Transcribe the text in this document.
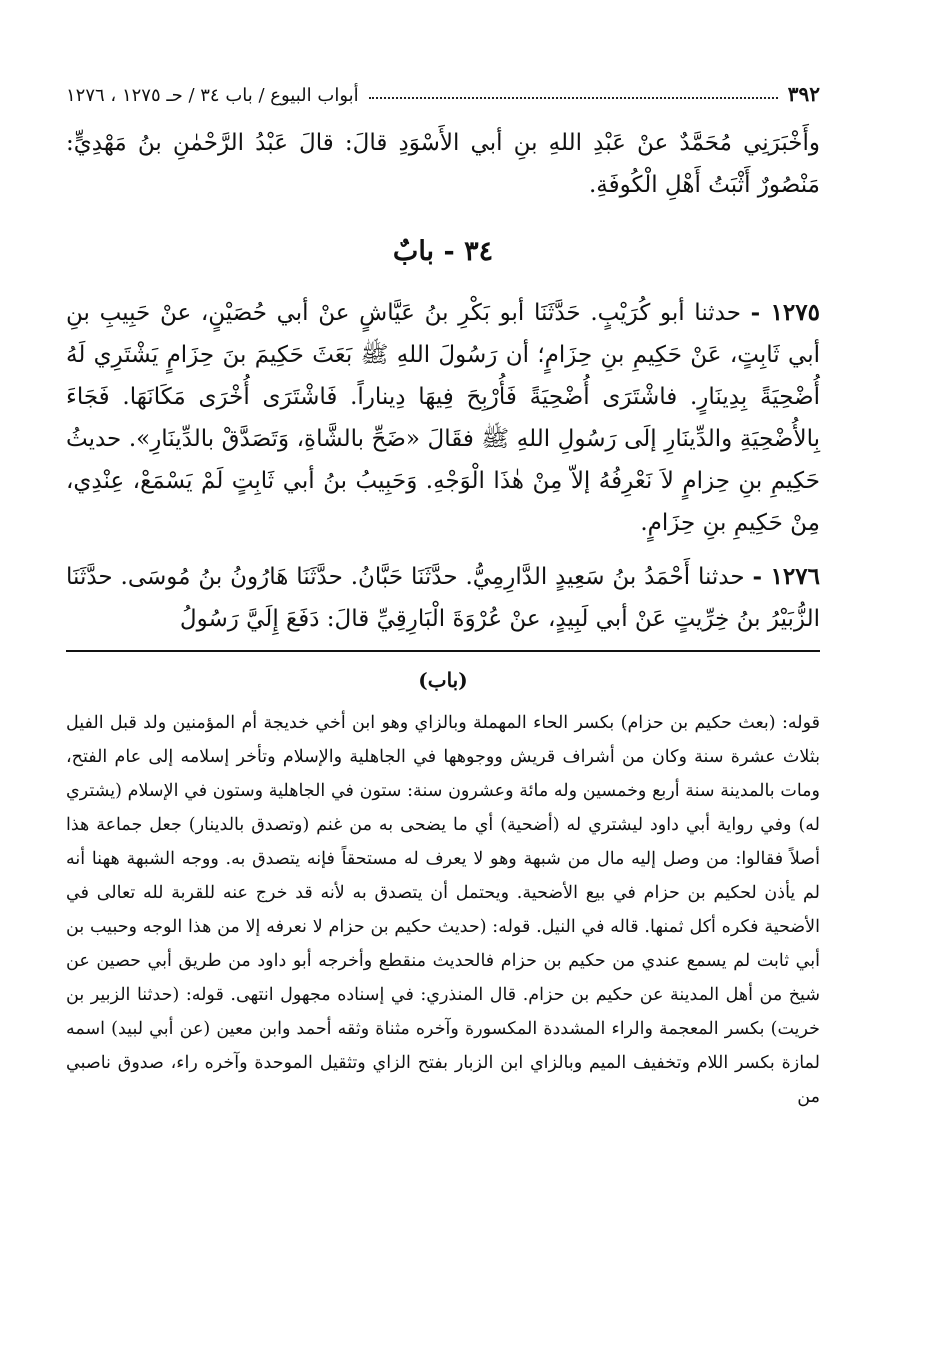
٣٩٢
أبواب البيوع / باب ٣٤ / حـ ١٢٧٥ ، ١٢٧٦

وأَخْبَرَنِي مُحَمَّدٌ عنْ عَبْدِ اللهِ بنِ أبي الأَسْوَدِ قالَ: قالَ عَبْدُ الرَّحْمٰنِ بنُ مَهْدِيٍّ: مَنْصُورٌ أَثْبَتُ أَهْلِ الْكُوفَةِ.

٣٤ - بابٌ

١٢٧٥ - حدثنا أبو كُرَيْبٍ. حَدَّثَنَا أبو بَكْرِ بنُ عَيَّاشٍ عنْ أبي حُصَيْنٍ، عنْ حَبِيبِ بنِ أبي ثَابِتٍ، عَنْ حَكِيمِ بنِ حِزَامٍ؛ أن رَسُولَ اللهِ ﷺ بَعَثَ حَكِيمَ بنَ حِزَامٍ يَشْتَرِي لَهُ أُضْحِيَةً بِدِينَارٍ. فاشْتَرَى أُضْحِيَةً فَأُرْبِحَ فِيهَا دِيناراً. فَاشْتَرَى أُخْرَى مَكَانَهَا. فَجَاءَ بِالأُضْحِيَةِ والدِّينَارِ إلَى رَسُولِ اللهِ ﷺ فقَالَ «ضَحِّ بالشَّاةِ، وَتَصَدَّقْ بالدِّينَارِ». حديثُ حَكِيمِ بنِ حِزامٍ لاَ نَعْرِفُهُ إلاّ مِنْ هٰذَا الْوَجْهِ. وَحَبِيبُ بنُ أبي ثَابِتٍ لَمْ يَسْمَعْ، عِنْدِي، مِنْ حَكِيمِ بنِ حِزَامٍ.

١٢٧٦ - حدثنا أَحْمَدُ بنُ سَعِيدٍ الدَّارِمِيُّ. حدَّثَنَا حَبَّانُ. حدَّثَنَا هَارُونُ بنُ مُوسَى. حدَّثَنَا الزُّبَيْرُ بنُ خِرِّيتٍ عَنْ أبي لَبِيدٍ، عنْ عُرْوَةَ الْبَارِقِيِّ قالَ: دَفَعَ إِلَيَّ رَسُولُ

(باب)

قوله: (بعث حكيم بن حزام) بكسر الحاء المهملة وبالزاي وهو ابن أخي خديجة أم المؤمنين ولد قبل الفيل بثلاث عشرة سنة وكان من أشراف قريش ووجوهها في الجاهلية والإسلام وتأخر إسلامه إلى عام الفتح، ومات بالمدينة سنة أربع وخمسين وله مائة وعشرون سنة: ستون في الجاهلية وستون في الإسلام (يشتري له) وفي رواية أبي داود ليشتري له (أضحية) أي ما يضحى به من غنم (وتصدق بالدينار) جعل جماعة هذا أصلاً فقالوا: من وصل إليه مال من شبهة وهو لا يعرف له مستحقاً فإنه يتصدق به. ووجه الشبهة ههنا أنه لم يأذن لحكيم بن حزام في بيع الأضحية. ويحتمل أن يتصدق به لأنه قد خرج عنه للقربة لله تعالى في الأضحية فكره أكل ثمنها. قاله في النيل. قوله: (حديث حكيم بن حزام لا نعرفه إلا من هذا الوجه وحبيب بن أبي ثابت لم يسمع عندي من حكيم بن حزام فالحديث منقطع وأخرجه أبو داود من طريق أبي حصين عن شيخ من أهل المدينة عن حكيم بن حزام. قال المنذري: في إسناده مجهول انتهى. قوله: (حدثنا الزبير بن خريت) بكسر المعجمة والراء المشددة المكسورة وآخره مثناة وثقه أحمد وابن معين (عن أبي لبيد) اسمه لمازة بكسر اللام وتخفيف الميم وبالزاي ابن الزبار بفتح الزاي وتثقيل الموحدة وآخره راء، صدوق ناصبي من
